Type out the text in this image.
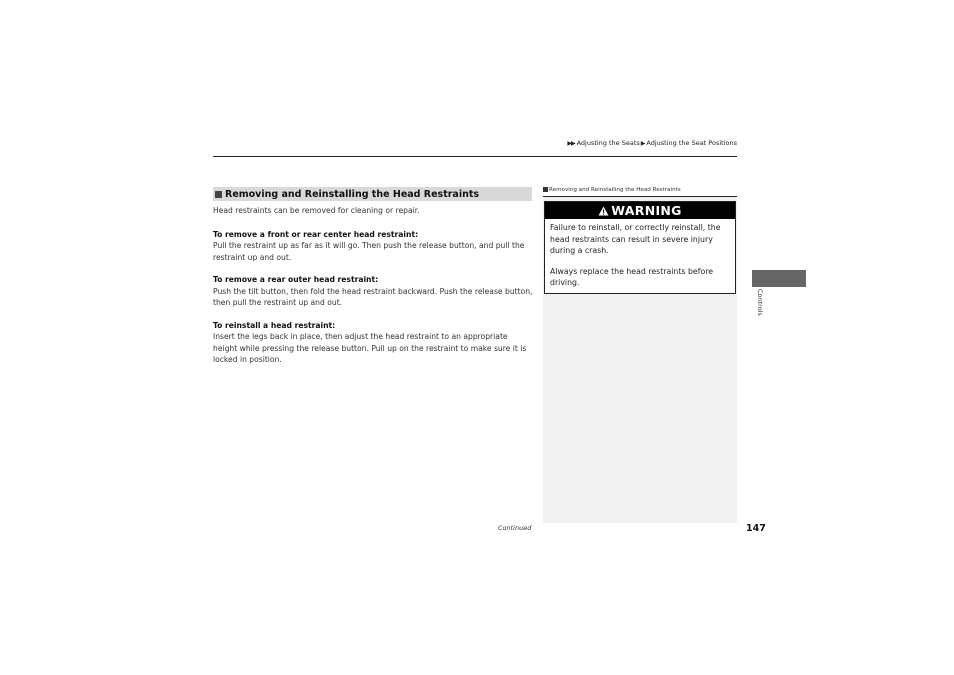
▶▶ Adjusting the Seats▶Adjusting the Seat Positions
Removing and Reinstalling the Head Restraints

Head restraints can be removed for cleaning or repair.

To remove a front or rear center head restraint:

Pull the restraint up as far as it will go. Then push the release button, and pull the restraint up and out.

To remove a rear outer head restraint:

Push the tilt button, then fold the head restraint backward. Push the release button, then pull the restraint up and out.

To reinstall a head restraint:

Insert the legs back in place, then adjust the head restraint to an appropriate height while pressing the release button. Pull up on the restraint to make sure it is locked in position.

Removing and Reinstalling the Head Restraints
WARNING

Failure to reinstall, or correctly reinstall, the head restraints can result in severe injury during a crash.

Always replace the head restraints before driving.

Controls
Continued	147
